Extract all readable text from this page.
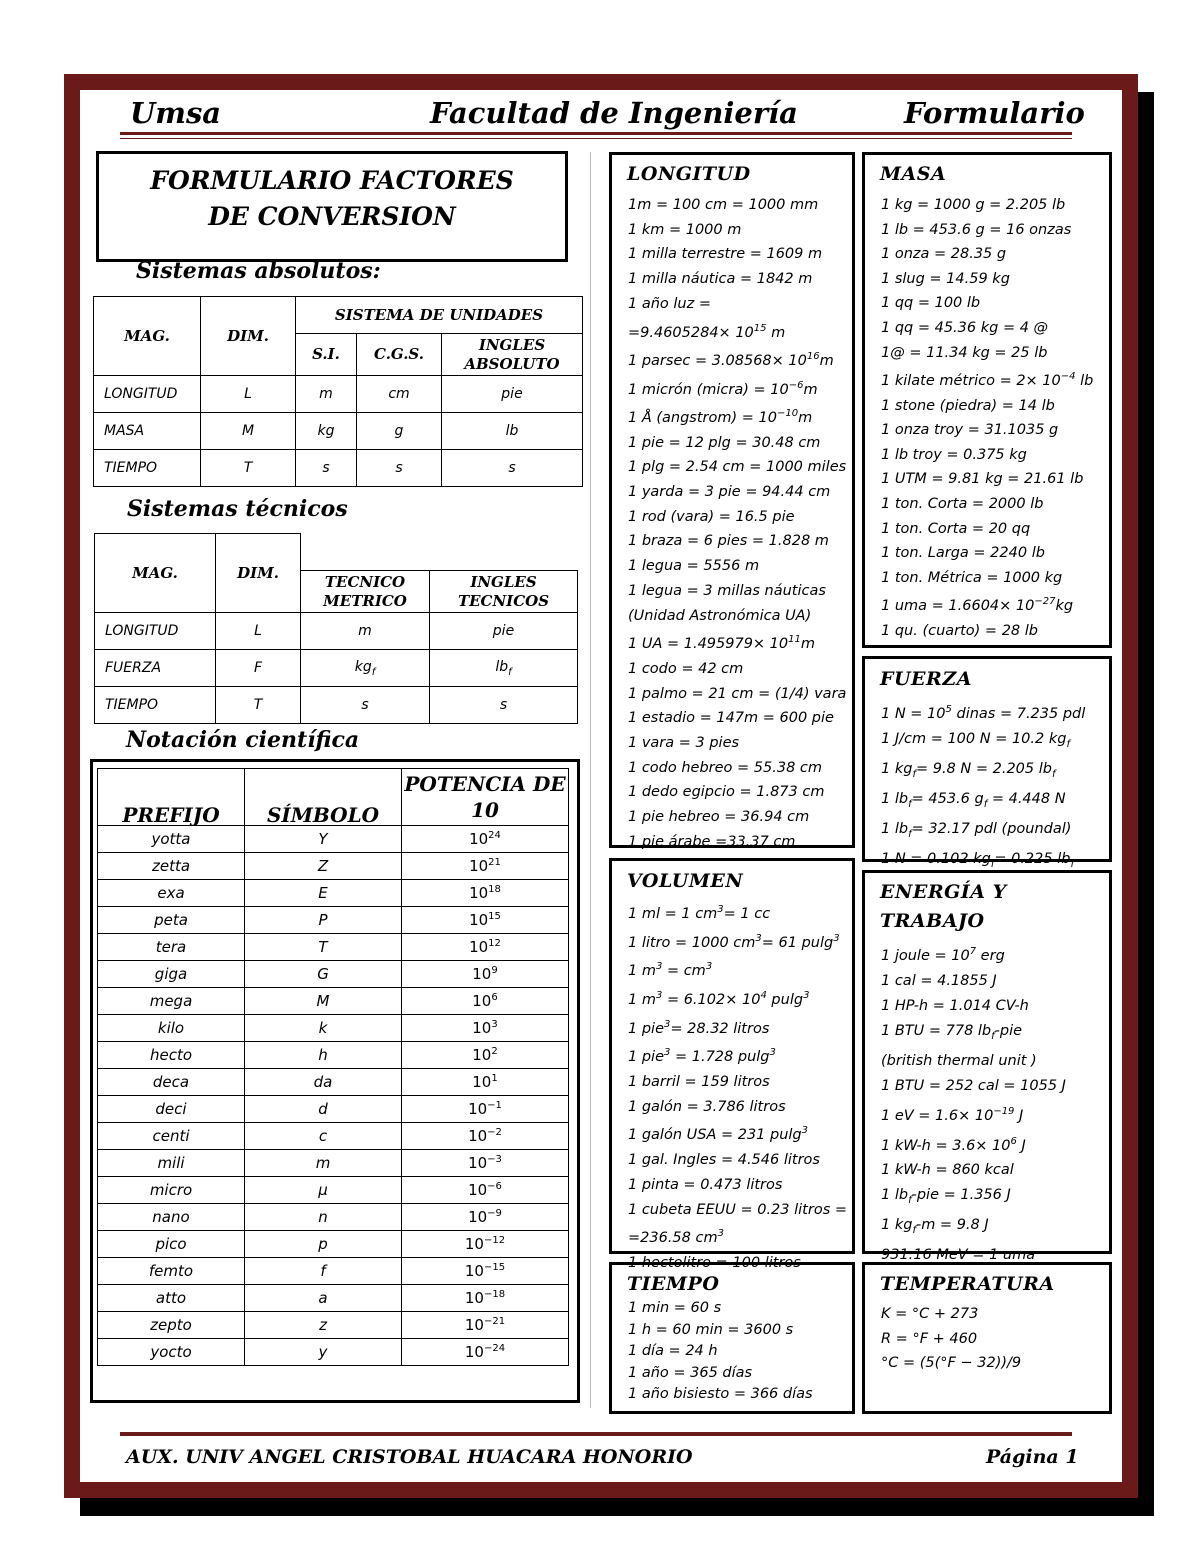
Umsa	Facultad de Ingeniería	Formulario
FORMULARIO FACTORES
DE CONVERSION
Sistemas absolutos:
MAG.	DIM.	SISTEMA DE UNIDADES		
		S.I.	C.G.S.	INGLES ABSOLUTO
LONGITUD	L	m	cm	pie
MASA	M	kg	g	lb
TIEMPO	T	s	s	s
Sistemas técnicos
MAG.	DIM.		
		TECNICO METRICO	INGLES TECNICOS
LONGITUD	L	m	pie
FUERZA	F	$kg_f$	$lb_f$
TIEMPO	T	s	s
Notación científica
PREFIJO	SÍMBOLO	POTENCIA DE 10
yotta	Y	$10^{24}$
zetta	Z	$10^{21}$
exa	E	$10^{18}$
peta	P	$10^{15}$
tera	T	$10^{12}$
giga	G	$10^9$
mega	M	$10^6$
kilo	k	$10^3$
hecto	h	$10^2$
deca	da	$10^1$
deci	d	$10^{-1}$
centi	c	$10^{-2}$
mili	m	$10^{-3}$
micro	μ	$10^{-6}$
nano	n	$10^{-9}$
pico	p	$10^{-12}$
femto	f	$10^{-15}$
atto	a	$10^{-18}$
zepto	z	$10^{-21}$
yocto	y	$10^{-24}$
LONGITUD
1m = 100 cm = 1000 mm
1 km = 1000 m
1 milla terrestre = 1609 m
1 milla náutica = 1842 m
1 año luz =
$=9.4605284\times 10^{15}$ m
1 $parsec = 3.08568\times 10^{16}m$
1 micrón (micra) = $10^{-6}m$
1 Å (angstrom) = $10^{-10}m$
1 pie = 12 plg = 30.48 cm
1 plg = 2.54 cm = 1000 miles
1 yarda = 3 pie = 94.44 cm
1 rod (vara) = 16.5 pie
1 braza = 6 pies = 1.828 m
1 legua = 5556 m
1 legua = 3 millas náuticas
(Unidad Astronómica UA)
1 UA = $1.495979\times 10^{11}m$
1 codo = 42 cm
1 palmo = 21 cm = (1/4) vara
1 estadio = 147m = 600 pie
1 vara = 3 pies
1 codo hebreo = 55.38 cm
1 dedo egipcio = 1.873 cm
1 pie hebreo = 36.94 cm
1 pie árabe =33.37 cm
MASA
1 kg = 1000 g = 2.205 lb
1 lb = 453.6 g = 16 onzas
1 onza = 28.35 g
1 slug = 14.59 kg
1 qq = 100 lb
1 qq = 45.36 kg = 4 @
1@ = 11.34 kg = 25 lb
1 kilate métrico = $2\times 10^{-4}$ lb
1 stone (piedra) = 14 lb
1 onza troy = 31.1035 g
1 lb troy = 0.375 kg
1 UTM = 9.81 kg = 21.61 lb
1 ton. Corta = 2000 lb
1 ton. Corta = 20 qq
1 ton. Larga = 2240 lb
1 ton. Métrica = 1000 kg
1 uma = $1.6604\times 10^{-27}kg$
1 qu. (cuarto) = 28 lb
FUERZA
1 $N = 10^5$ dinas = 7.235 pdl
1 J/cm = 100 N = 10.2 $kg_f$
1 $kg_f= 9.8$ N = 2.205 $lb_f$
1 $lb_f= 453.6$ $g_f = 4.448$ N
1 $lb_f= 32.17$ pdl (poundal)
1 N = 0.102 $kg_f= 0.225$ $lb_f$
VOLUMEN
1 ml = 1 $cm^3= 1$ cc
1 litro = 1000 $cm^3= 61$ pulg$^3$
1 $m^3 = cm^3$
1 $m^3 = 6.102\times 10^4$ pulg$^3$
1 pie$^3$= 28.32 litros
1 pie$^3$ = 1.728 pulg$^3$
1 barril = 159 litros
1 galón = 3.786 litros
1 galón USA = 231 pulg$^3$
1 gal. Ingles = 4.546 litros
1 pinta = 0.473 litros
1 cubeta EEUU = 0.23 litros =
=236.58 $cm^3$
1 hectolitro = 100 litros
ENERGÍA Y
TRABAJO
1 joule = $10^7$ erg
1 cal = 4.1855 J
1 HP-h = 1.014 CV-h
1 BTU = 778 $lb_f$-pie
(british thermal unit )
1 BTU = 252 cal = 1055 J
1 eV = $1.6\times 10^{-19}$ J
1 $kW-h = 3.6\times 10^6$ J
1 kW-h = 860 kcal
1 $lb_f$-pie = 1.356 J
1 $kg_f-m = 9.8$ J
931.16 MeV = 1 uma
TIEMPO
1 min = 60 s
1 h = 60 min = 3600 s
1 día = 24 h
1 año = 365 días
1 año bisiesto = 366 días
TEMPERATURA
K = °C + 273
R = °F + 460
°C = (5(°F − 32))/9
AUX. UNIV ANGEL CRISTOBAL HUACARA HONORIO	Página 1
